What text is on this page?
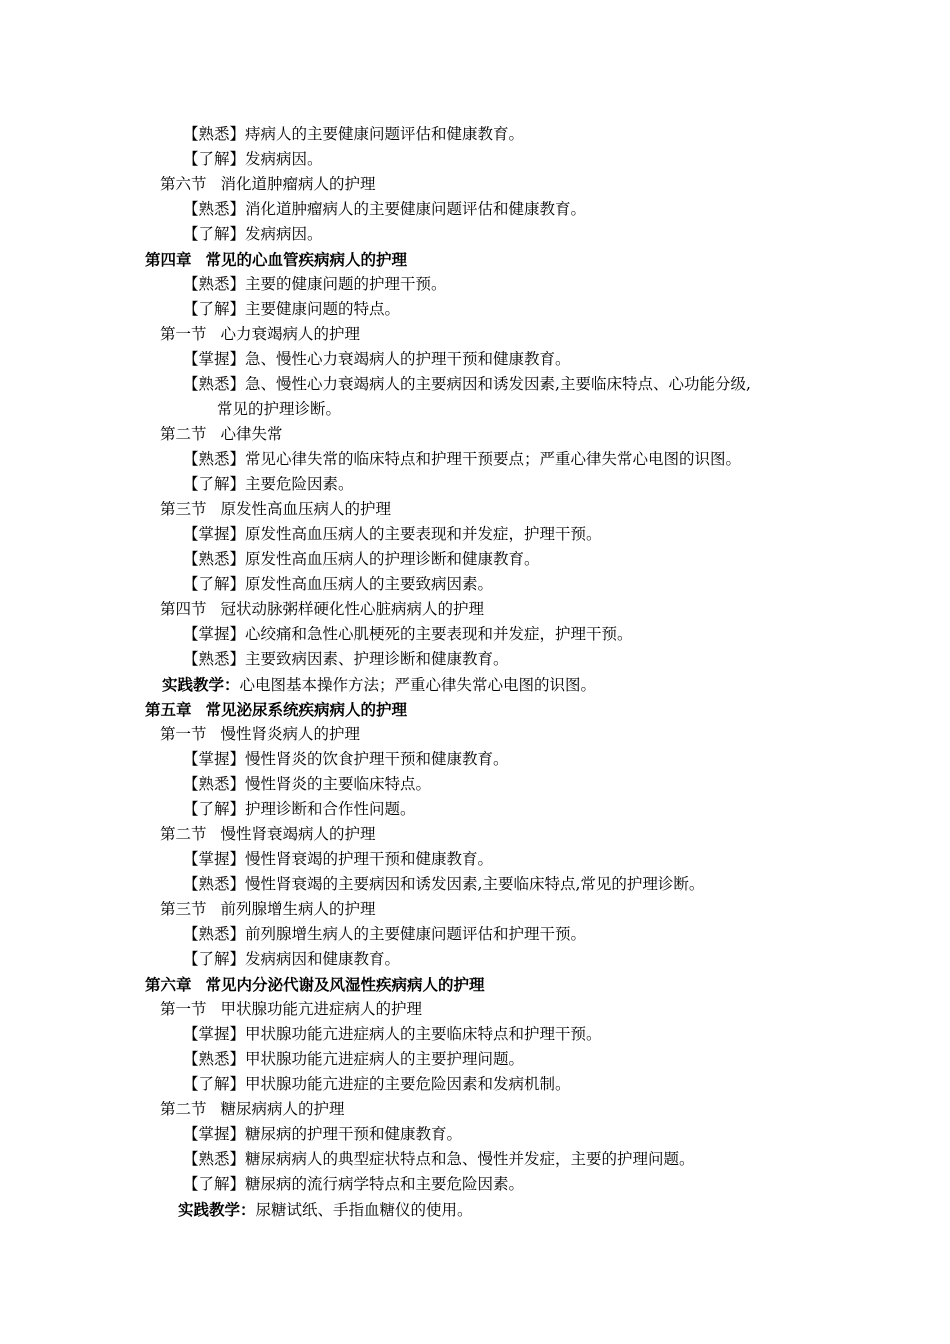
【熟悉】痔病人的主要健康问题评估和健康教育。
【了解】发病病因。
第六节 消化道肿瘤病人的护理
【熟悉】消化道肿瘤病人的主要健康问题评估和健康教育。
【了解】发病病因。
第四章 常见的心血管疾病病人的护理
【熟悉】主要的健康问题的护理干预。
【了解】主要健康问题的特点。
第一节 心力衰竭病人的护理
【掌握】急、慢性心力衰竭病人的护理干预和健康教育。
【熟悉】急、慢性心力衰竭病人的主要病因和诱发因素,主要临床特点、心功能分级,
常见的护理诊断。
第二节 心律失常
【熟悉】常见心律失常的临床特点和护理干预要点；严重心律失常心电图的识图。
【了解】主要危险因素。
第三节 原发性高血压病人的护理
【掌握】原发性高血压病人的主要表现和并发症，护理干预。
【熟悉】原发性高血压病人的护理诊断和健康教育。
【了解】原发性高血压病人的主要致病因素。
第四节 冠状动脉粥样硬化性心脏病病人的护理
【掌握】心绞痛和急性心肌梗死的主要表现和并发症，护理干预。
【熟悉】主要致病因素、护理诊断和健康教育。
实践教学：心电图基本操作方法；严重心律失常心电图的识图。
第五章 常见泌尿系统疾病病人的护理
第一节 慢性肾炎病人的护理
【掌握】慢性肾炎的饮食护理干预和健康教育。
【熟悉】慢性肾炎的主要临床特点。
【了解】护理诊断和合作性问题。
第二节 慢性肾衰竭病人的护理
【掌握】慢性肾衰竭的护理干预和健康教育。
【熟悉】慢性肾衰竭的主要病因和诱发因素,主要临床特点,常见的护理诊断。
第三节 前列腺增生病人的护理
【熟悉】前列腺增生病人的主要健康问题评估和护理干预。
【了解】发病病因和健康教育。
第六章 常见内分泌代谢及风湿性疾病病人的护理
第一节 甲状腺功能亢进症病人的护理
【掌握】甲状腺功能亢进症病人的主要临床特点和护理干预。
【熟悉】甲状腺功能亢进症病人的主要护理问题。
【了解】甲状腺功能亢进症的主要危险因素和发病机制。
第二节 糖尿病病人的护理
【掌握】糖尿病的护理干预和健康教育。
【熟悉】糖尿病病人的典型症状特点和急、慢性并发症，主要的护理问题。
【了解】糖尿病的流行病学特点和主要危险因素。
实践教学：尿糖试纸、手指血糖仪的使用。
